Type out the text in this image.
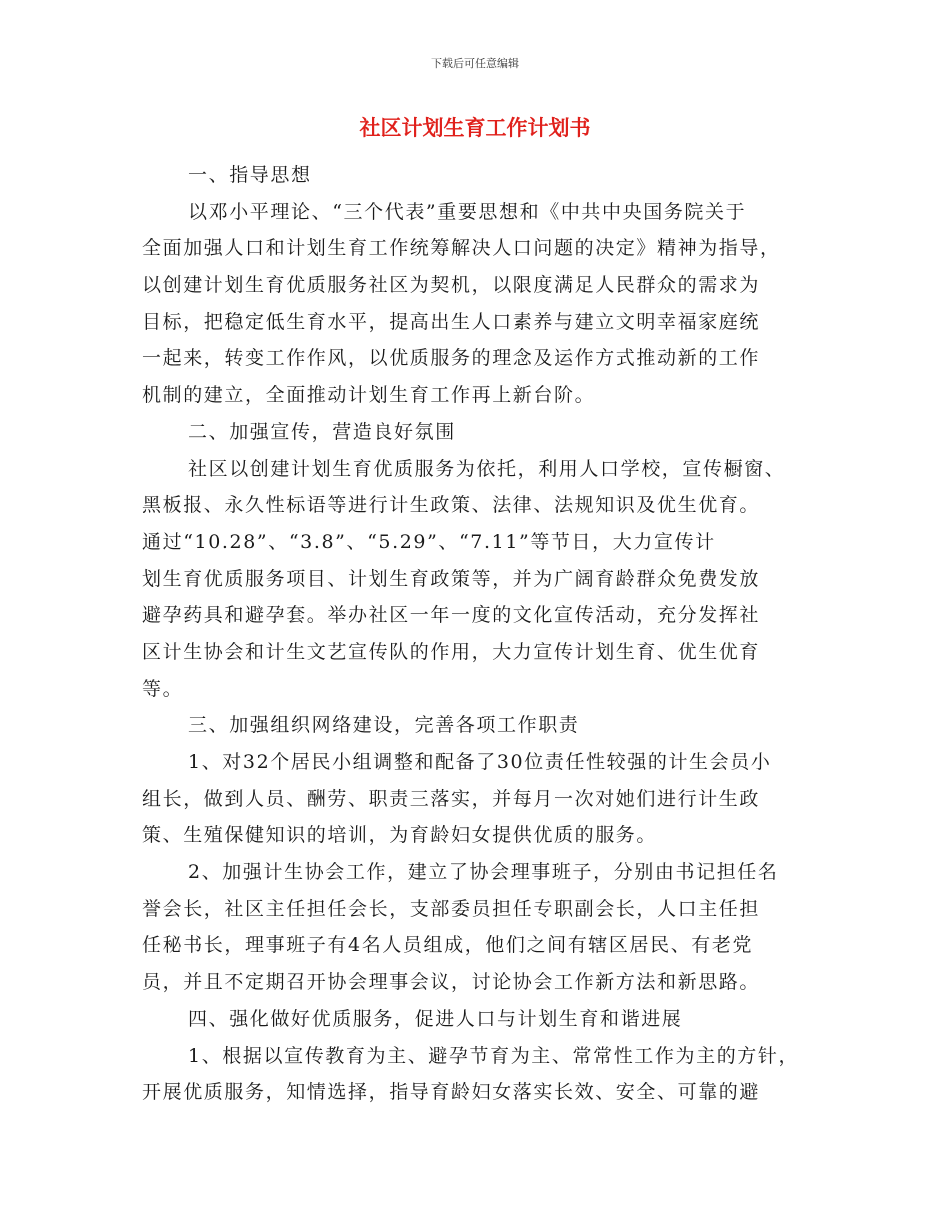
下载后可任意编辑
社区计划生育工作计划书
一、指导思想
以邓小平理论、“三个代表”重要思想和《中共中央国务院关于
全面加强人口和计划生育工作统筹解决人口问题的决定》精神为指导，
以创建计划生育优质服务社区为契机，以限度满足人民群众的需求为
目标，把稳定低生育水平，提高出生人口素养与建立文明幸福家庭统
一起来，转变工作作风，以优质服务的理念及运作方式推动新的工作
机制的建立，全面推动计划生育工作再上新台阶。
二、加强宣传，营造良好氛围
社区以创建计划生育优质服务为依托，利用人口学校，宣传橱窗、
黑板报、永久性标语等进行计生政策、法律、法规知识及优生优育。
通过“10.28”、“3.8”、“5.29”、“7.11”等节日，大力宣传计
划生育优质服务项目、计划生育政策等，并为广阔育龄群众免费发放
避孕药具和避孕套。举办社区一年一度的文化宣传活动，充分发挥社
区计生协会和计生文艺宣传队的作用，大力宣传计划生育、优生优育
等。
三、加强组织网络建设，完善各项工作职责
1、对32个居民小组调整和配备了30位责任性较强的计生会员小
组长，做到人员、酬劳、职责三落实，并每月一次对她们进行计生政
策、生殖保健知识的培训，为育龄妇女提供优质的服务。
2、加强计生协会工作，建立了协会理事班子，分别由书记担任名
誉会长，社区主任担任会长，支部委员担任专职副会长，人口主任担
任秘书长，理事班子有4名人员组成，他们之间有辖区居民、有老党
员，并且不定期召开协会理事会议，讨论协会工作新方法和新思路。
四、强化做好优质服务，促进人口与计划生育和谐进展
1、根据以宣传教育为主、避孕节育为主、常常性工作为主的方针，
开展优质服务，知情选择，指导育龄妇女落实长效、安全、可靠的避
